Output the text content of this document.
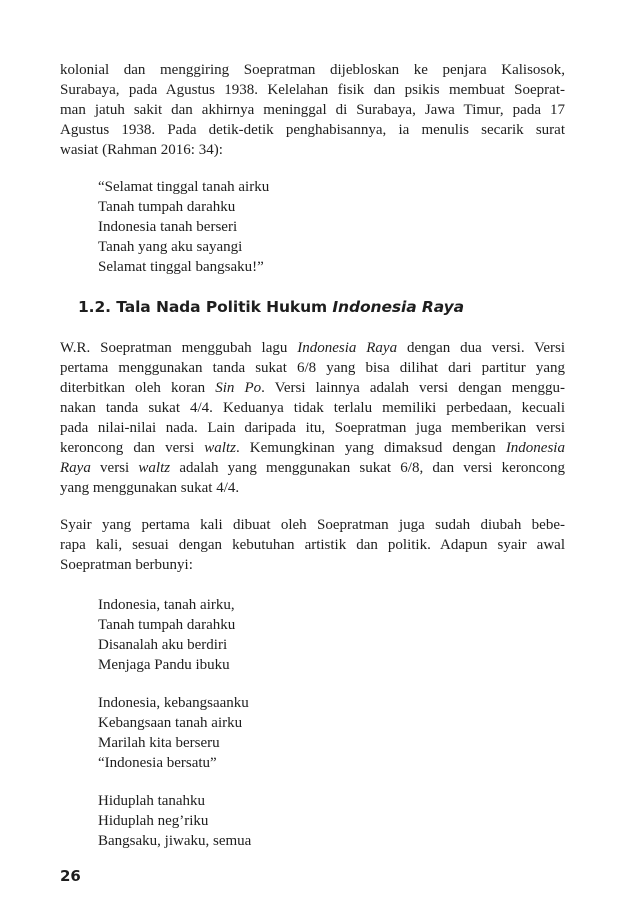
kolonial dan menggiring Soepratman dijebloskan ke penjara Kalisosok,
Surabaya, pada Agustus 1938. Kelelahan fisik dan psikis membuat Soeprat-
man jatuh sakit dan akhirnya meninggal di Surabaya, Jawa Timur, pada 17
Agustus 1938. Pada detik-detik penghabisannya, ia menulis secarik surat
wasiat (Rahman 2016: 34):
“Selamat tinggal tanah airku
Tanah tumpah darahku
Indonesia tanah berseri
Tanah yang aku sayangi
Selamat tinggal bangsaku!”
1.2. Tala Nada Politik Hukum Indonesia Raya
W.R. Soepratman menggubah lagu Indonesia Raya dengan dua versi. Versi
pertama menggunakan tanda sukat 6/8 yang bisa dilihat dari partitur yang
diterbitkan oleh koran Sin Po. Versi lainnya adalah versi dengan menggu-
nakan tanda sukat 4/4. Keduanya tidak terlalu memiliki perbedaan, kecuali
pada nilai-nilai nada. Lain daripada itu, Soepratman juga memberikan versi
keroncong dan versi waltz. Kemungkinan yang dimaksud dengan Indonesia
Raya versi waltz adalah yang menggunakan sukat 6/8, dan versi keroncong
yang menggunakan sukat 4/4.
Syair yang pertama kali dibuat oleh Soepratman juga sudah diubah bebe-
rapa kali, sesuai dengan kebutuhan artistik dan politik. Adapun syair awal
Soepratman berbunyi:
Indonesia, tanah airku,
Tanah tumpah darahku
Disanalah aku berdiri
Menjaga Pandu ibuku
Indonesia, kebangsaanku
Kebangsaan tanah airku
Marilah kita berseru
“Indonesia bersatu”
Hiduplah tanahku
Hiduplah neg’riku
Bangsaku, jiwaku, semua
26
